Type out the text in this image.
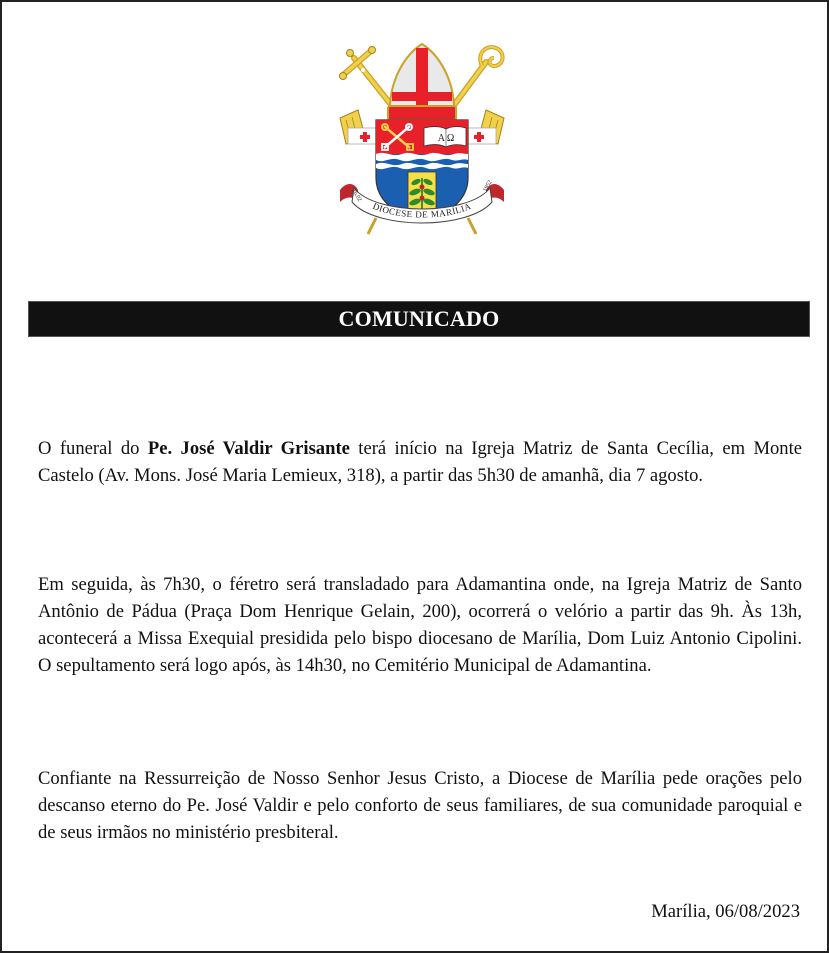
Α Ω
DIOCESE DE MARÍLIA
16.02
1952
COMUNICADO

O funeral do Pe. José Valdir Grisante terá início na Igreja Matriz de Santa Cecília, em Monte Castelo (Av. Mons. José Maria Lemieux, 318), a partir das 5h30 de amanhã, dia 7 agosto.

Em seguida, às 7h30, o féretro será transladado para Adamantina onde, na Igreja Matriz de Santo Antônio de Pádua (Praça Dom Henrique Gelain, 200), ocorrerá o velório a partir das 9h. Às 13h, acontecerá a Missa Exequial presidida pelo bispo diocesano de Marília, Dom Luiz Antonio Cipolini. O sepultamento será logo após, às 14h30, no Cemitério Municipal de Adamantina.

Confiante na Ressurreição de Nosso Senhor Jesus Cristo, a Diocese de Marília pede orações pelo descanso eterno do Pe. José Valdir e pelo conforto de seus familiares, de sua comunidade paroquial e de seus irmãos no ministério presbiteral.

Marília, 06/08/2023
